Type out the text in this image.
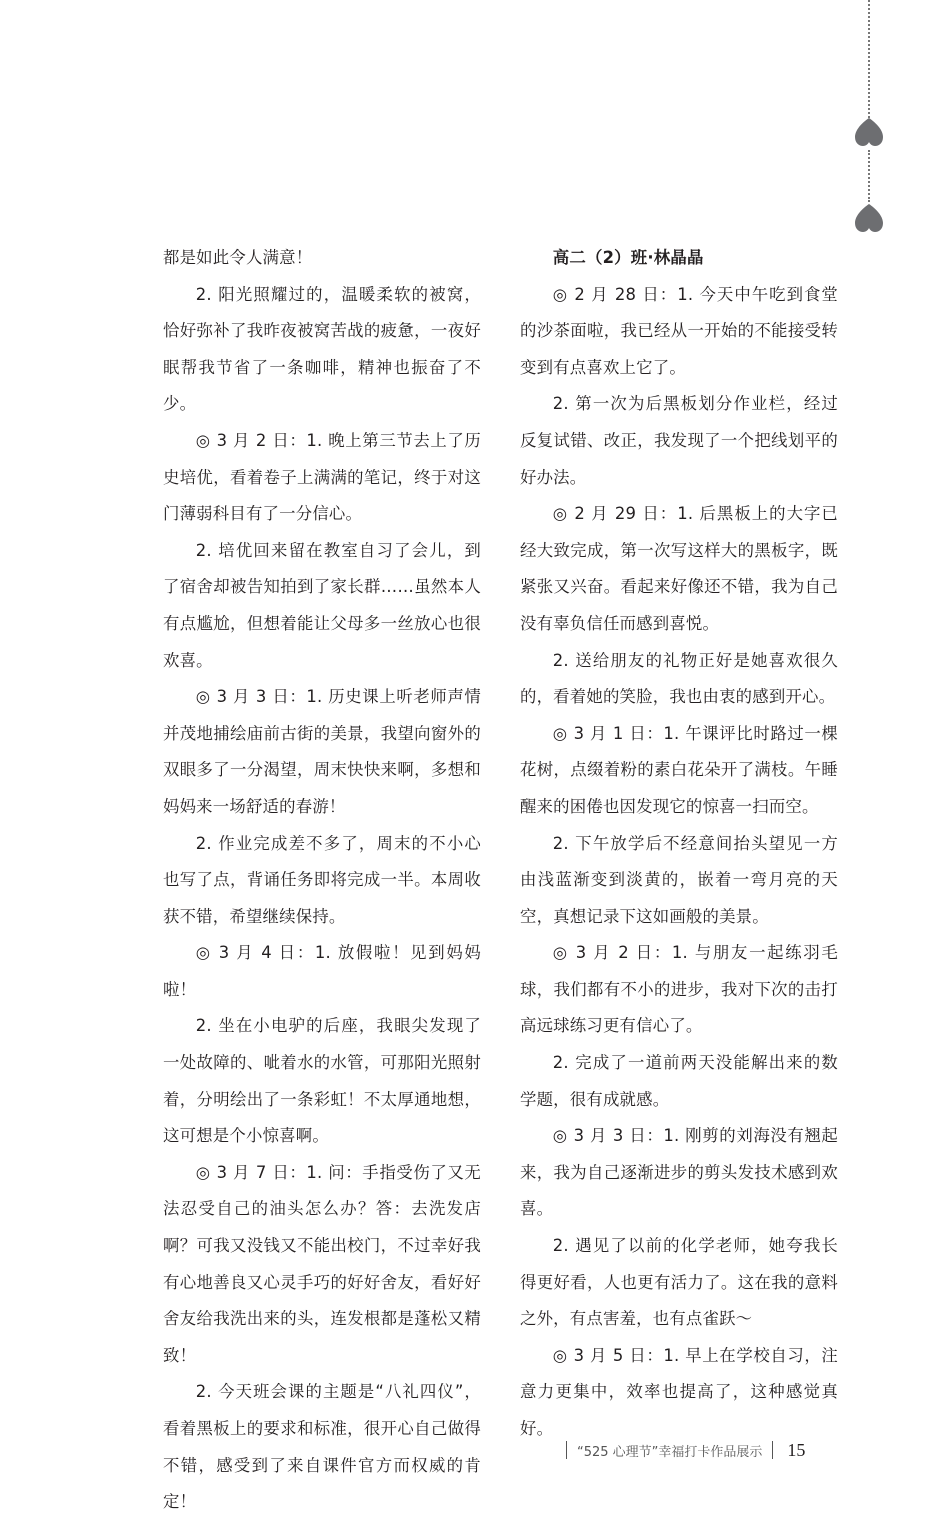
都是如此令人满意！

2. 阳光照耀过的，温暖柔软的被窝，恰好弥补了我昨夜被窝苦战的疲惫，一夜好眠帮我节省了一条咖啡，精神也振奋了不少。

◎ 3 月 2 日：1. 晚上第三节去上了历史培优，看着卷子上满满的笔记，终于对这门薄弱科目有了一分信心。

2. 培优回来留在教室自习了会儿，到了宿舍却被告知拍到了家长群……虽然本人有点尴尬，但想着能让父母多一丝放心也很欢喜。

◎ 3 月 3 日：1. 历史课上听老师声情并茂地捕绘庙前古街的美景，我望向窗外的双眼多了一分渴望，周末快快来啊，多想和妈妈来一场舒适的春游！

2. 作业完成差不多了，周末的不小心也写了点，背诵任务即将完成一半。本周收获不错，希望继续保持。

◎ 3 月 4 日：1. 放假啦！见到妈妈啦！

2. 坐在小电驴的后座，我眼尖发现了一处故障的、呲着水的水管，可那阳光照射着，分明绘出了一条彩虹！不太厚通地想，这可想是个小惊喜啊。

◎ 3 月 7 日：1. 问：手指受伤了又无法忍受自己的油头怎么办？答：去洗发店啊？可我又没钱又不能出校门，不过幸好我有心地善良又心灵手巧的好好舍友，看好好舍友给我洗出来的头，连发根都是蓬松又精致！

2. 今天班会课的主题是“八礼四仪”，看着黑板上的要求和标准，很开心自己做得不错，感受到了来自课件官方而权威的肯定！

高二（2）班·林晶晶

◎ 2 月 28 日：1. 今天中午吃到食堂的沙茶面啦，我已经从一开始的不能接受转变到有点喜欢上它了。

2. 第一次为后黑板划分作业栏，经过反复试错、改正，我发现了一个把线划平的好办法。

◎ 2 月 29 日：1. 后黑板上的大字已经大致完成，第一次写这样大的黑板字，既紧张又兴奋。看起来好像还不错，我为自己没有辜负信任而感到喜悦。

2. 送给朋友的礼物正好是她喜欢很久的，看着她的笑脸，我也由衷的感到开心。

◎ 3 月 1 日：1. 午课评比时路过一棵花树，点缀着粉的素白花朵开了满枝。午睡醒来的困倦也因发现它的惊喜一扫而空。

2. 下午放学后不经意间抬头望见一方由浅蓝渐变到淡黄的，嵌着一弯月亮的天空，真想记录下这如画般的美景。

◎ 3 月 2 日：1. 与朋友一起练羽毛球，我们都有不小的进步，我对下次的击打高远球练习更有信心了。

2. 完成了一道前两天没能解出来的数学题，很有成就感。

◎ 3 月 3 日：1. 刚剪的刘海没有翘起来，我为自己逐渐进步的剪头发技术感到欢喜。

2. 遇见了以前的化学老师，她夸我长得更好看，人也更有活力了。这在我的意料之外，有点害羞，也有点雀跃～

◎ 3 月 5 日：1. 早上在学校自习，注意力更集中，效率也提高了，这种感觉真好。

“525 心理节”幸福打卡作品展示 15
